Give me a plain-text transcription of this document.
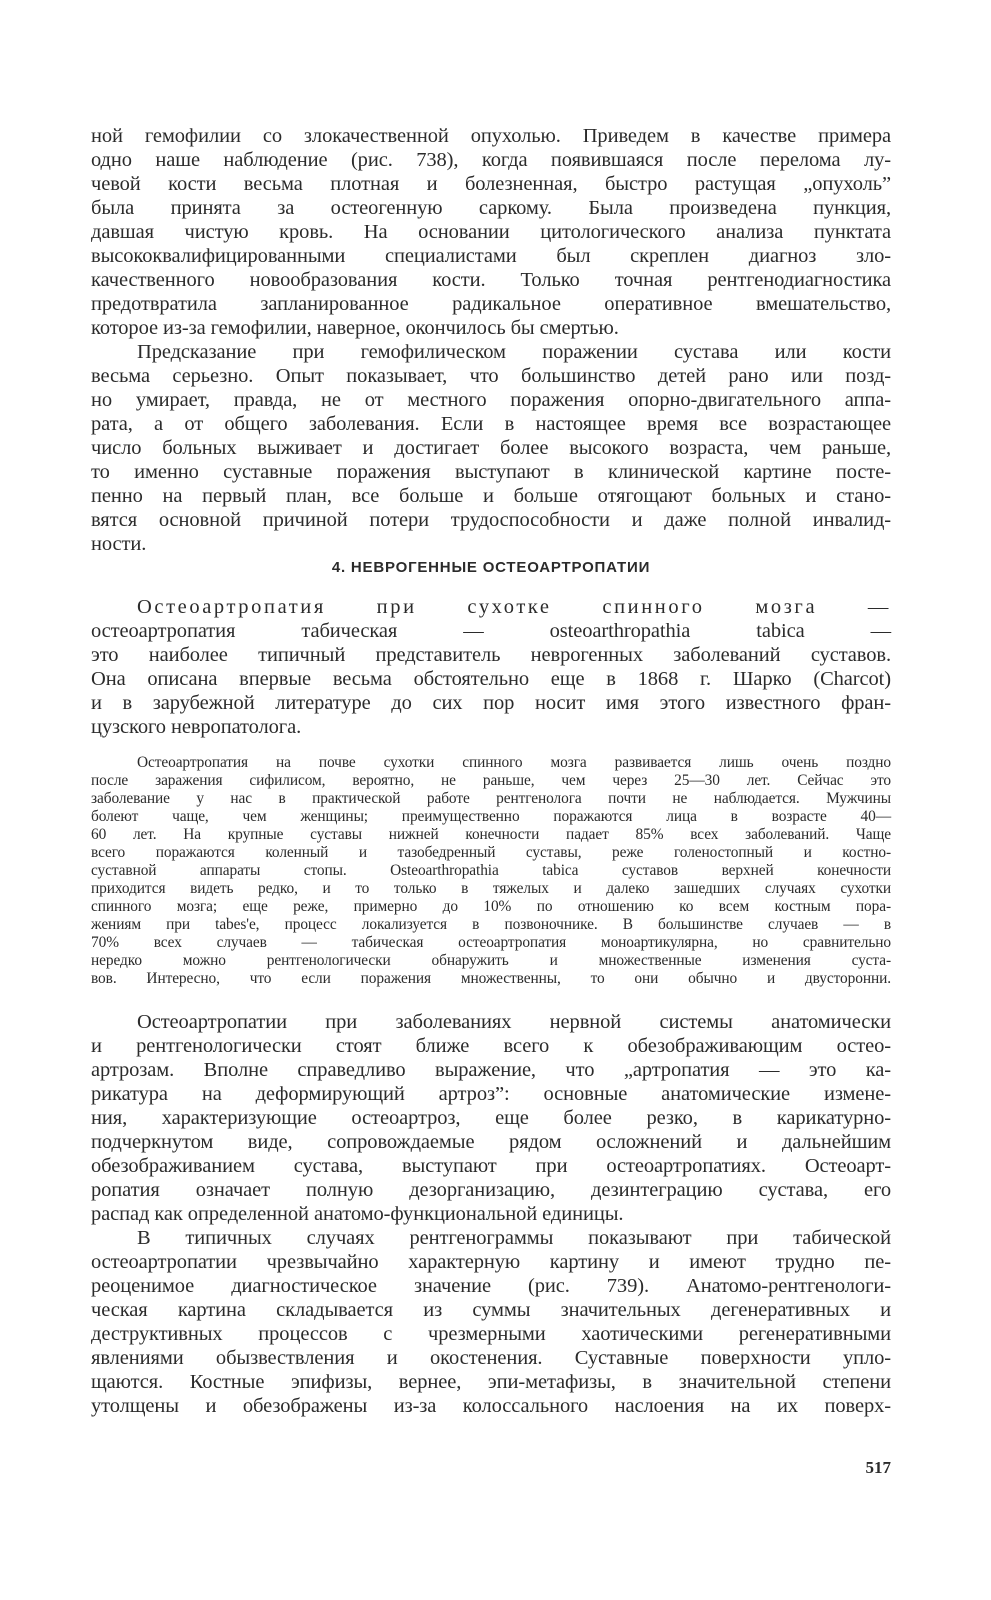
ной гемофилии со злокачественной опухолью. Приведем в качестве примера

одно наше наблюдение (рис. 738), когда появившаяся после перелома лу-

чевой кости весьма плотная и болезненная, быстро растущая „опухоль”

была принята за остеогенную саркому. Была произведена пункция,

давшая чистую кровь. На основании цитологического анализа пунктата

высококвалифицированными специалистами был скреплен диагноз зло-

качественного новообразования кости. Только точная рентгенодиагностика

предотвратила запланированное радикальное оперативное вмешательство,

которое из-за гемофилии, наверное, окончилось бы смертью.

Предсказание при гемофилическом поражении сустава или кости

весьма серьезно. Опыт показывает, что большинство детей рано или позд-

но умирает, правда, не от местного поражения опорно-двигательного аппа-

рата, а от общего заболевания. Если в настоящее время все возрастающее

число больных выживает и достигает более высокого возраста, чем раньше,

то именно суставные поражения выступают в клинической картине посте-

пенно на первый план, все больше и больше отягощают больных и стано-

вятся основной причиной потери трудоспособности и даже полной инвалид-

ности.

4. НЕВРОГЕННЫЕ ОСТЕОАРТРОПАТИИ

Остеоартропатия при сухотке спинного мозга —

остеоартропатия табическая — osteoarthropathia tabica —

это наиболее типичный представитель неврогенных заболеваний суставов.

Она описана впервые весьма обстоятельно еще в 1868 г. Шарко (Charcot)

и в зарубежной литературе до сих пор носит имя этого известного фран-

цузского невропатолога.

Остеоартропатия на почве сухотки спинного мозга развивается лишь очень поздно

после заражения сифилисом, вероятно, не раньше, чем через 25—30 лет. Сейчас это

заболевание у нас в практической работе рентгенолога почти не наблюдается. Мужчины

болеют чаще, чем женщины; преимущественно поражаются лица в возрасте 40—

60 лет. На крупные суставы нижней конечности падает 85% всех заболеваний. Чаще

всего поражаются коленный и тазобедренный суставы, реже голеностопный и костно-

суставной аппараты стопы. Osteoarthropathia tabica суставов верхней конечности

приходится видеть редко, и то только в тяжелых и далеко зашедших случаях сухотки

спинного мозга; еще реже, примерно до 10% по отношению ко всем костным пора-

жениям при tabes'e, процесс локализуется в позвоночнике. В большинстве случаев — в

70% всех случаев — табическая остеоартропатия моноартикулярна, но сравнительно

нередко можно рентгенологически обнаружить и множественные изменения суста-

вов. Интересно, что если поражения множественны, то они обычно и двусторонни.

Остеоартропатии при заболеваниях нервной системы анатомически

и рентгенологически стоят ближе всего к обезображивающим остео-

артрозам. Вполне справедливо выражение, что „артропатия — это ка-

рикатура на деформирующий артроз”: основные анатомические измене-

ния, характеризующие остеоартроз, еще более резко, в карикатурно-

подчеркнутом виде, сопровождаемые рядом осложнений и дальнейшим

обезображиванием сустава, выступают при остеоартропатиях. Остеоарт-

ропатия означает полную дезорганизацию, дезинтеграцию сустава, его

распад как определенной анатомо-функциональной единицы.

В типичных случаях рентгенограммы показывают при табической

остеоартропатии чрезвычайно характерную картину и имеют трудно пе-

реоценимое диагностическое значение (рис. 739). Анатомо-рентгенологи-

ческая картина складывается из суммы значительных дегенеративных и

деструктивных процессов с чрезмерными хаотическими регенеративными

явлениями обызвествления и окостенения. Суставные поверхности упло-

щаются. Костные эпифизы, вернее, эпи-метафизы, в значительной степени

утолщены и обезображены из-за колоссального наслоения на их поверх-

517
